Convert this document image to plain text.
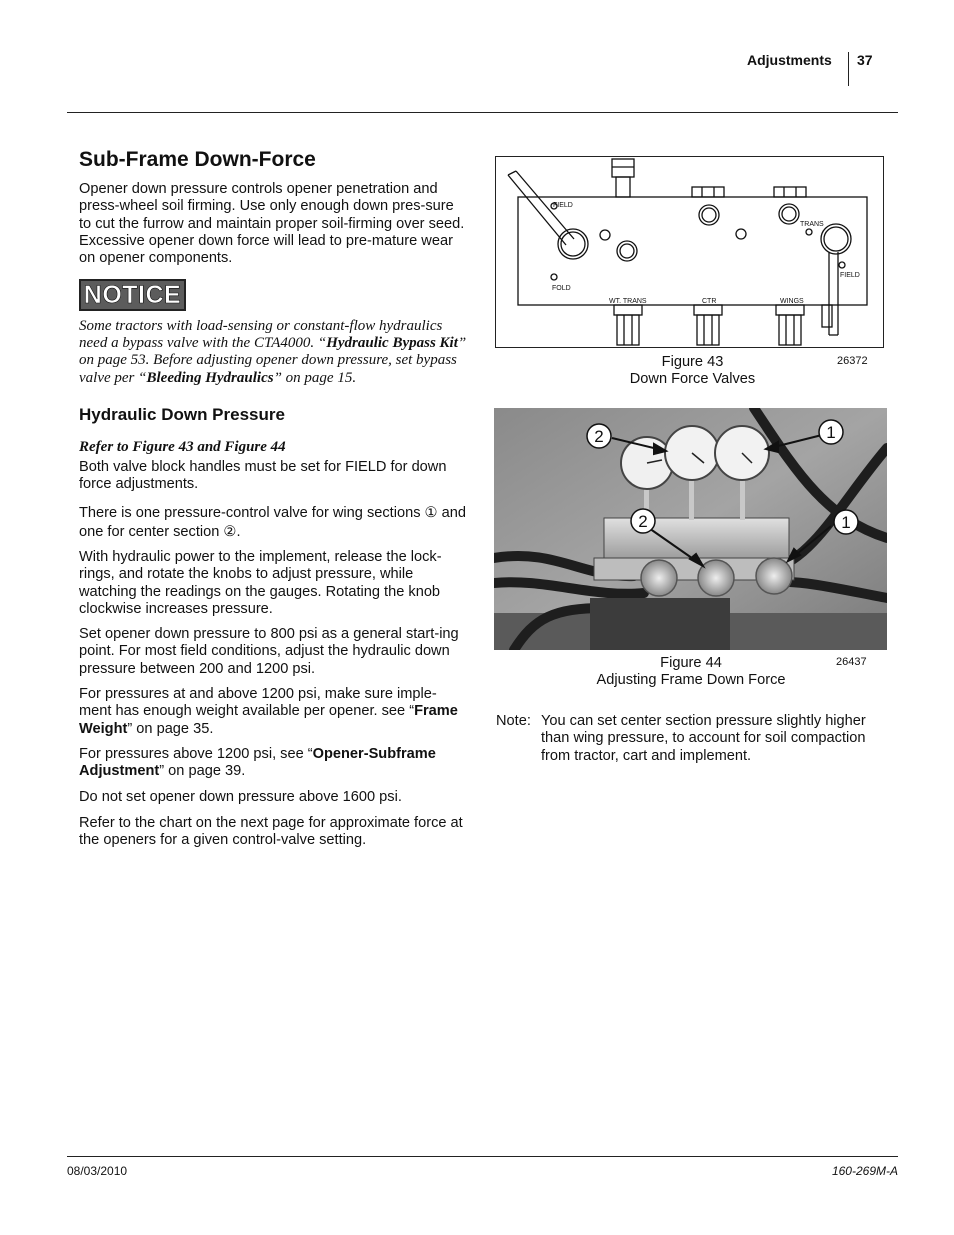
Adjustments 37
Sub-Frame Down-Force
Opener down pressure controls opener penetration and press-wheel soil firming. Use only enough down pres-sure to cut the furrow and maintain proper soil-firming over seed. Excessive opener down force will lead to pre-mature wear on opener components.
NOTICE
Some tractors with load-sensing or constant-flow hydraulics need a bypass valve with the CTA4000. “Hydraulic Bypass Kit” on page 53. Before adjusting opener down pressure, set bypass valve per “Bleeding Hydraulics” on page 15.
Hydraulic Down Pressure
Refer to Figure 43 and Figure 44
Both valve block handles must be set for FIELD for down force adjustments.
There is one pressure-control valve for wing sections ① and one for center section ②.
With hydraulic power to the implement, release the lock-rings, and rotate the knobs to adjust pressure, while watching the readings on the gauges. Rotating the knob clockwise increases pressure.
Set opener down pressure to 800 psi as a general start-ing point. For most field conditions, adjust the hydraulic down pressure between 200 and 1200 psi.
For pressures at and above 1200 psi, make sure imple-ment has enough weight available per opener. see “Frame Weight” on page 35.
For pressures above 1200 psi, see “Opener-Subframe Adjustment” on page 39.
Do not set opener down pressure above 1600 psi.
Refer to the chart on the next page for approximate force at the openers for a given control-valve setting.
FIELD
FOLD
TRANS
FIELD
WT. TRANS	CTR	WINGS
Figure 43
Down Force Valves
26372
2	1
2	1
Figure 44
Adjusting Frame Down Force
26437
Note: You can set center section pressure slightly higher than wing pressure, to account for soil compaction from tractor, cart and implement.
08/03/2010	160-269M-A
